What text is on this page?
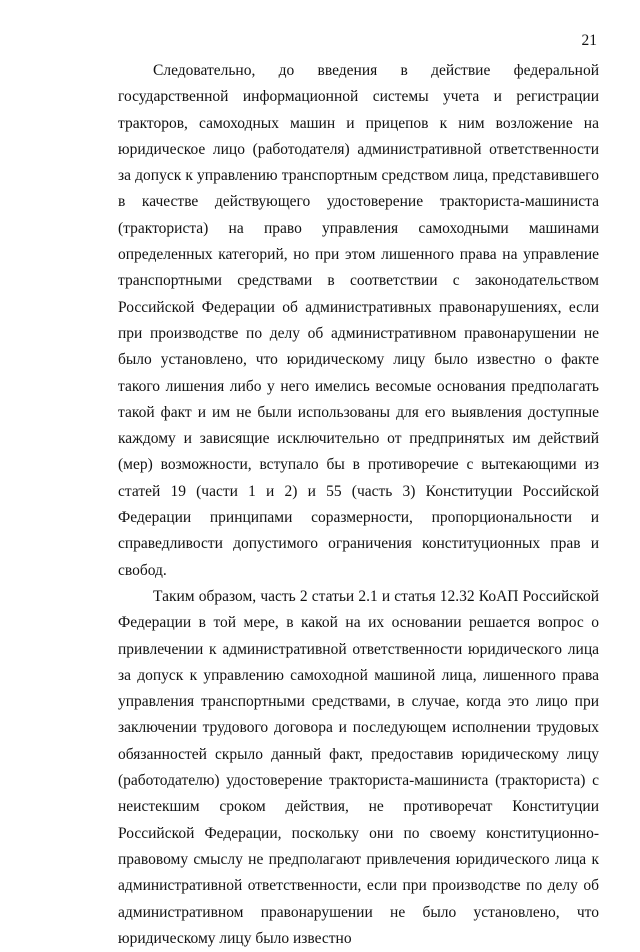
21

Следовательно, до введения в действие федеральной государственной информационной системы учета и регистрации тракторов, самоходных машин и прицепов к ним возложение на юридическое лицо (работодателя) административной ответственности за допуск к управлению транспортным средством лица, представившего в качестве действующего удостоверение тракториста-машиниста (тракториста) на право управления самоходными машинами определенных категорий, но при этом лишенного права на управление транспортными средствами в соответствии с законодательством Российской Федерации об административных правонарушениях, если при производстве по делу об административном правонарушении не было установлено, что юридическому лицу было известно о факте такого лишения либо у него имелись весомые основания предполагать такой факт и им не были использованы для его выявления доступные каждому и зависящие исключительно от предпринятых им действий (мер) возможности, вступало бы в противоречие с вытекающими из статей 19 (части 1 и 2) и 55 (часть 3) Конституции Российской Федерации принципами соразмерности, пропорциональности и справедливости допустимого ограничения конституционных прав и свобод.

Таким образом, часть 2 статьи 2.1 и статья 12.32 КоАП Российской Федерации в той мере, в какой на их основании решается вопрос о привлечении к административной ответственности юридического лица за допуск к управлению самоходной машиной лица, лишенного права управления транспортными средствами, в случае, когда это лицо при заключении трудового договора и последующем исполнении трудовых обязанностей скрыло данный факт, предоставив юридическому лицу (работодателю) удостоверение тракториста-машиниста (тракториста) с неистекшим сроком действия, не противоречат Конституции Российской Федерации, поскольку они по своему конституционно-правовому смыслу не предполагают привлечения юридического лица к административной ответственности, если при производстве по делу об административном правонарушении не было установлено, что юридическому лицу было известно
